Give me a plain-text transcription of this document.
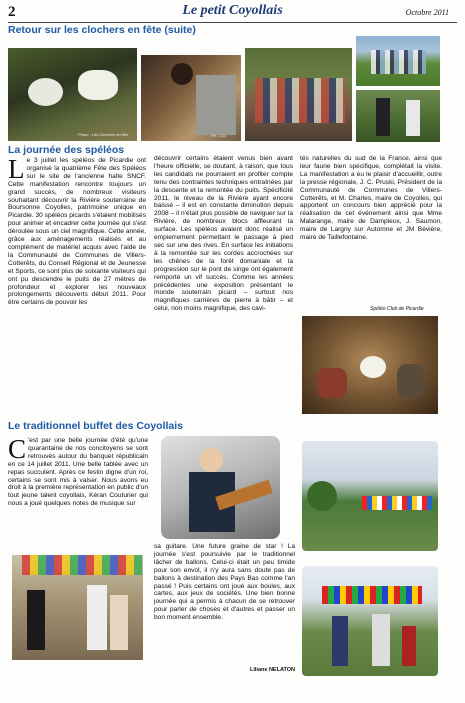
2	Le petit Coyollais	Octobre 2011
Retour sur les clochers en fête (suite)
Photo : Les Clochers en fête	Ph. : Ch.
La journée des spéléos

Le 3 juillet les spéléos de Picardie ont organisé la quatrième Fête des Spéléos sur le site de l'ancienne halte SNCF. Cette manifestation rencontre toujours un grand succès, de nombreux visiteurs souhaitant découvrir la Rivière souterraine de Boursonne Coyolles, patrimoine unique en Picardie. 30 spéléos picards s'étaient mobilisés pour animer et encadrer cette journée qui s'est déroulée sous un ciel magnifique. Cette année, grâce aux aménagements réalisés et au complément de matériel acquis avec l'aide de la Communauté de Communes de Villers-Cotterêts, du Conseil Régional et de Jeunesse et Sports, ce sont plus de soixante visiteurs qui ont pu descendre le puits de 27 mètres de profondeur et explorer les nouveaux prolongements découverts début 2011. Pour être certains de pouvoir les

découvrir certains étaient venus bien avant l'heure officielle, se doutant, à raison, que tous les candidats ne pourraient en profiter compte tenu des contraintes techniques entraînées par la descente et la remontée du puits. Spécificité 2011, le niveau de la Rivière ayant encore baissé – il est en constante diminution depuis 2008 – il n'était plus possible de naviguer sur la Rivière, de nombreux blocs affleurant la surface. Les spéléos avaient donc réalisé un empierrement permettant le passage à pied sec sur une des rives. En surface les initiations à la remontée sur les cordes accrochées sur les chênes de la forêt domaniale et la progression sur le pont de singe ont également remporté un vif succès. Comme les années précédentes une exposition présentant le monde souterrain picard – surtout nos magnifiques carrières de pierre à bâtir – et celui, non moins magnifique, des cavi-

tés naturelles du sud de la France, ainsi que leur faune bien spécifique, complétait la visite. La manifestation a eu le plaisir d'accueillir, outre la presse régionale, J. C. Pruski, Président de la Communauté de Communes de Villers-Cotterêts, et M. Charles, maire de Coyolles, qui apportent un concours bien apprécié pour la réalisation de cet événement ainsi que Mme Malarange, maire de Dampleux, J. Saumon, maire de Largny sur Automne et JM Bévière, maire de Taillefontaine.

Spéléo Club de Picardie
Le traditionnel buffet des Coyollais

C 'est par une belle journée d'été qu'une quarantaine de nos concitoyens se sont retrouvés autour du banquet républicain en ce 14 juillet 2011. Une belle tablée avec un repas succulent. Après ce festin digne d'un roi, certains se sont mis à valser. Nous avons eu droit à la première représentation en public d'un tout jeune talent coyollais, Kéran Couturier qui nous a joué quelques notes de musique sur

sa guitare. Une future graine de star ! La journée s'est poursuivie par le traditionnel lâcher de ballons. Celui-ci était un peu timide pour son envol, il n'y aura sans doute pas de ballons à destination des Pays Bas comme l'an passé ! Puis certains ont joué aux boules, aux cartes, aux jeux de sociétés. Une bien bonne journée qui a permis à chacun de se retrouver pour parler de choses et d'autres et passer un bon moment ensemble.

Liliane NELATON
